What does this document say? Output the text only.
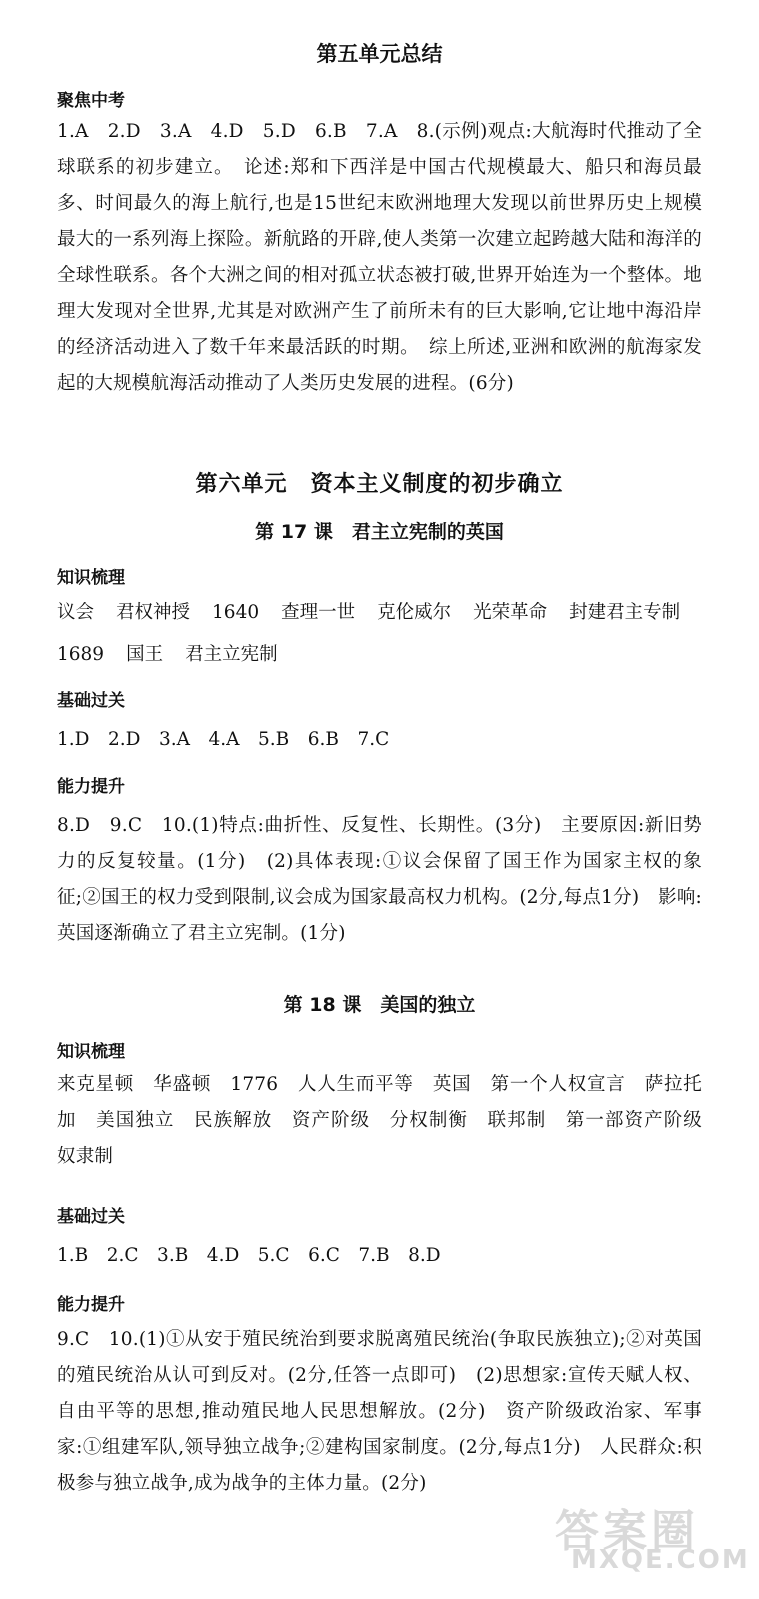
第五单元总结
聚焦中考
1.A　2.D　3.A　4.D　5.D　6.B　7.A　8.(示例)观点:大航海时代推动了全球联系的初步建立。　论述:郑和下西洋是中国古代规模最大、船只和海员最多、时间最久的海上航行,也是15世纪末欧洲地理大发现以前世界历史上规模最大的一系列海上探险。新航路的开辟,使人类第一次建立起跨越大陆和海洋的全球性联系。各个大洲之间的相对孤立状态被打破,世界开始连为一个整体。地理大发现对全世界,尤其是对欧洲产生了前所未有的巨大影响,它让地中海沿岸的经济活动进入了数千年来最活跃的时期。　综上所述,亚洲和欧洲的航海家发起的大规模航海活动推动了人类历史发展的进程。(6分)
第六单元　资本主义制度的初步确立
第 17 课　君主立宪制的英国
知识梳理
议会 君权神授 1640 查理一世 克伦威尔 光荣革命 封建君主专制
1689 国王 君主立宪制
基础过关
1.D　2.D　3.A　4.A　5.B　6.B　7.C
能力提升
8.D　9.C　10.(1)特点:曲折性、反复性、长期性。(3分)　主要原因:新旧势力的反复较量。(1分)　(2)具体表现:①议会保留了国王作为国家主权的象征;②国王的权力受到限制,议会成为国家最高权力机构。(2分,每点1分)　影响:英国逐渐确立了君主立宪制。(1分)
第 18 课　美国的独立
知识梳理
来克星顿　华盛顿　1776　人人生而平等　英国　第一个人权宣言　萨拉托加　美国独立　民族解放　资产阶级　分权制衡　联邦制　第一部资产阶级　奴隶制
基础过关
1.B　2.C　3.B　4.D　5.C　6.C　7.B　8.D
能力提升
9.C　10.(1)①从安于殖民统治到要求脱离殖民统治(争取民族独立);②对英国的殖民统治从认可到反对。(2分,任答一点即可)　(2)思想家:宣传天赋人权、自由平等的思想,推动殖民地人民思想解放。(2分)　资产阶级政治家、军事家:①组建军队,领导独立战争;②建构国家制度。(2分,每点1分)　人民群众:积极参与独立战争,成为战争的主体力量。(2分)
答案圈
MXQE.COM
